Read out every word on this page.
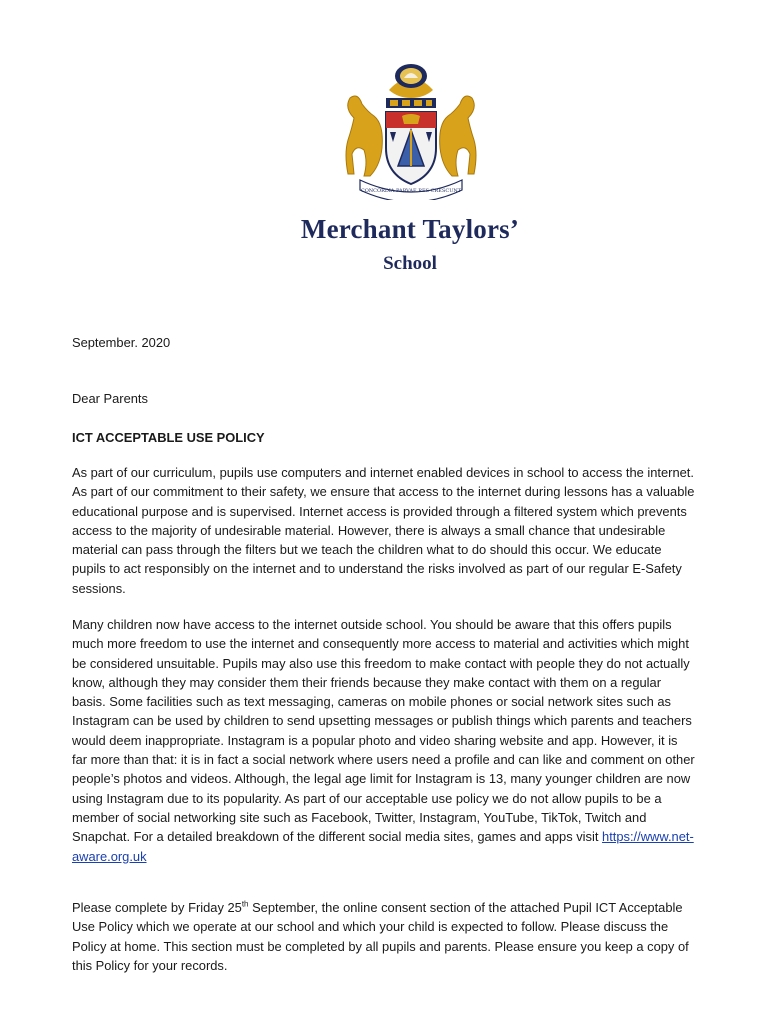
CONCORDIA PARVAE RES CRESCUNT
Merchant Taylors’
School
September. 2020
Dear Parents
ICT ACCEPTABLE USE POLICY
As part of our curriculum, pupils use computers and internet enabled devices in school to access the internet. As part of our commitment to their safety, we ensure that access to the internet during lessons has a valuable educational purpose and is supervised. Internet access is provided through a filtered system which prevents access to the majority of undesirable material. However, there is always a small chance that undesirable material can pass through the filters but we teach the children what to do should this occur. We educate pupils to act responsibly on the internet and to understand the risks involved as part of our regular E-Safety sessions.
Many children now have access to the internet outside school. You should be aware that this offers pupils much more freedom to use the internet and consequently more access to material and activities which might be considered unsuitable. Pupils may also use this freedom to make contact with people they do not actually know, although they may consider them their friends because they make contact with them on a regular basis. Some facilities such as text messaging, cameras on mobile phones or social network sites such as Instagram can be used by children to send upsetting messages or publish things which parents and teachers would deem inappropriate. Instagram is a popular photo and video sharing website and app. However, it is far more than that: it is in fact a social network where users need a profile and can like and comment on other people’s photos and videos. Although, the legal age limit for Instagram is 13, many younger children are now using Instagram due to its popularity. As part of our acceptable use policy we do not allow pupils to be a member of social networking site such as Facebook, Twitter, Instagram, YouTube, TikTok, Twitch and Snapchat. For a detailed breakdown of the different social media sites, games and apps visit https://www.net-aware.org.uk
Please complete by Friday 25th September, the online consent section of the attached Pupil ICT Acceptable Use Policy which we operate at our school and which your child is expected to follow. Please discuss the Policy at home. This section must be completed by all pupils and parents. Please ensure you keep a copy of this Policy for your records.
